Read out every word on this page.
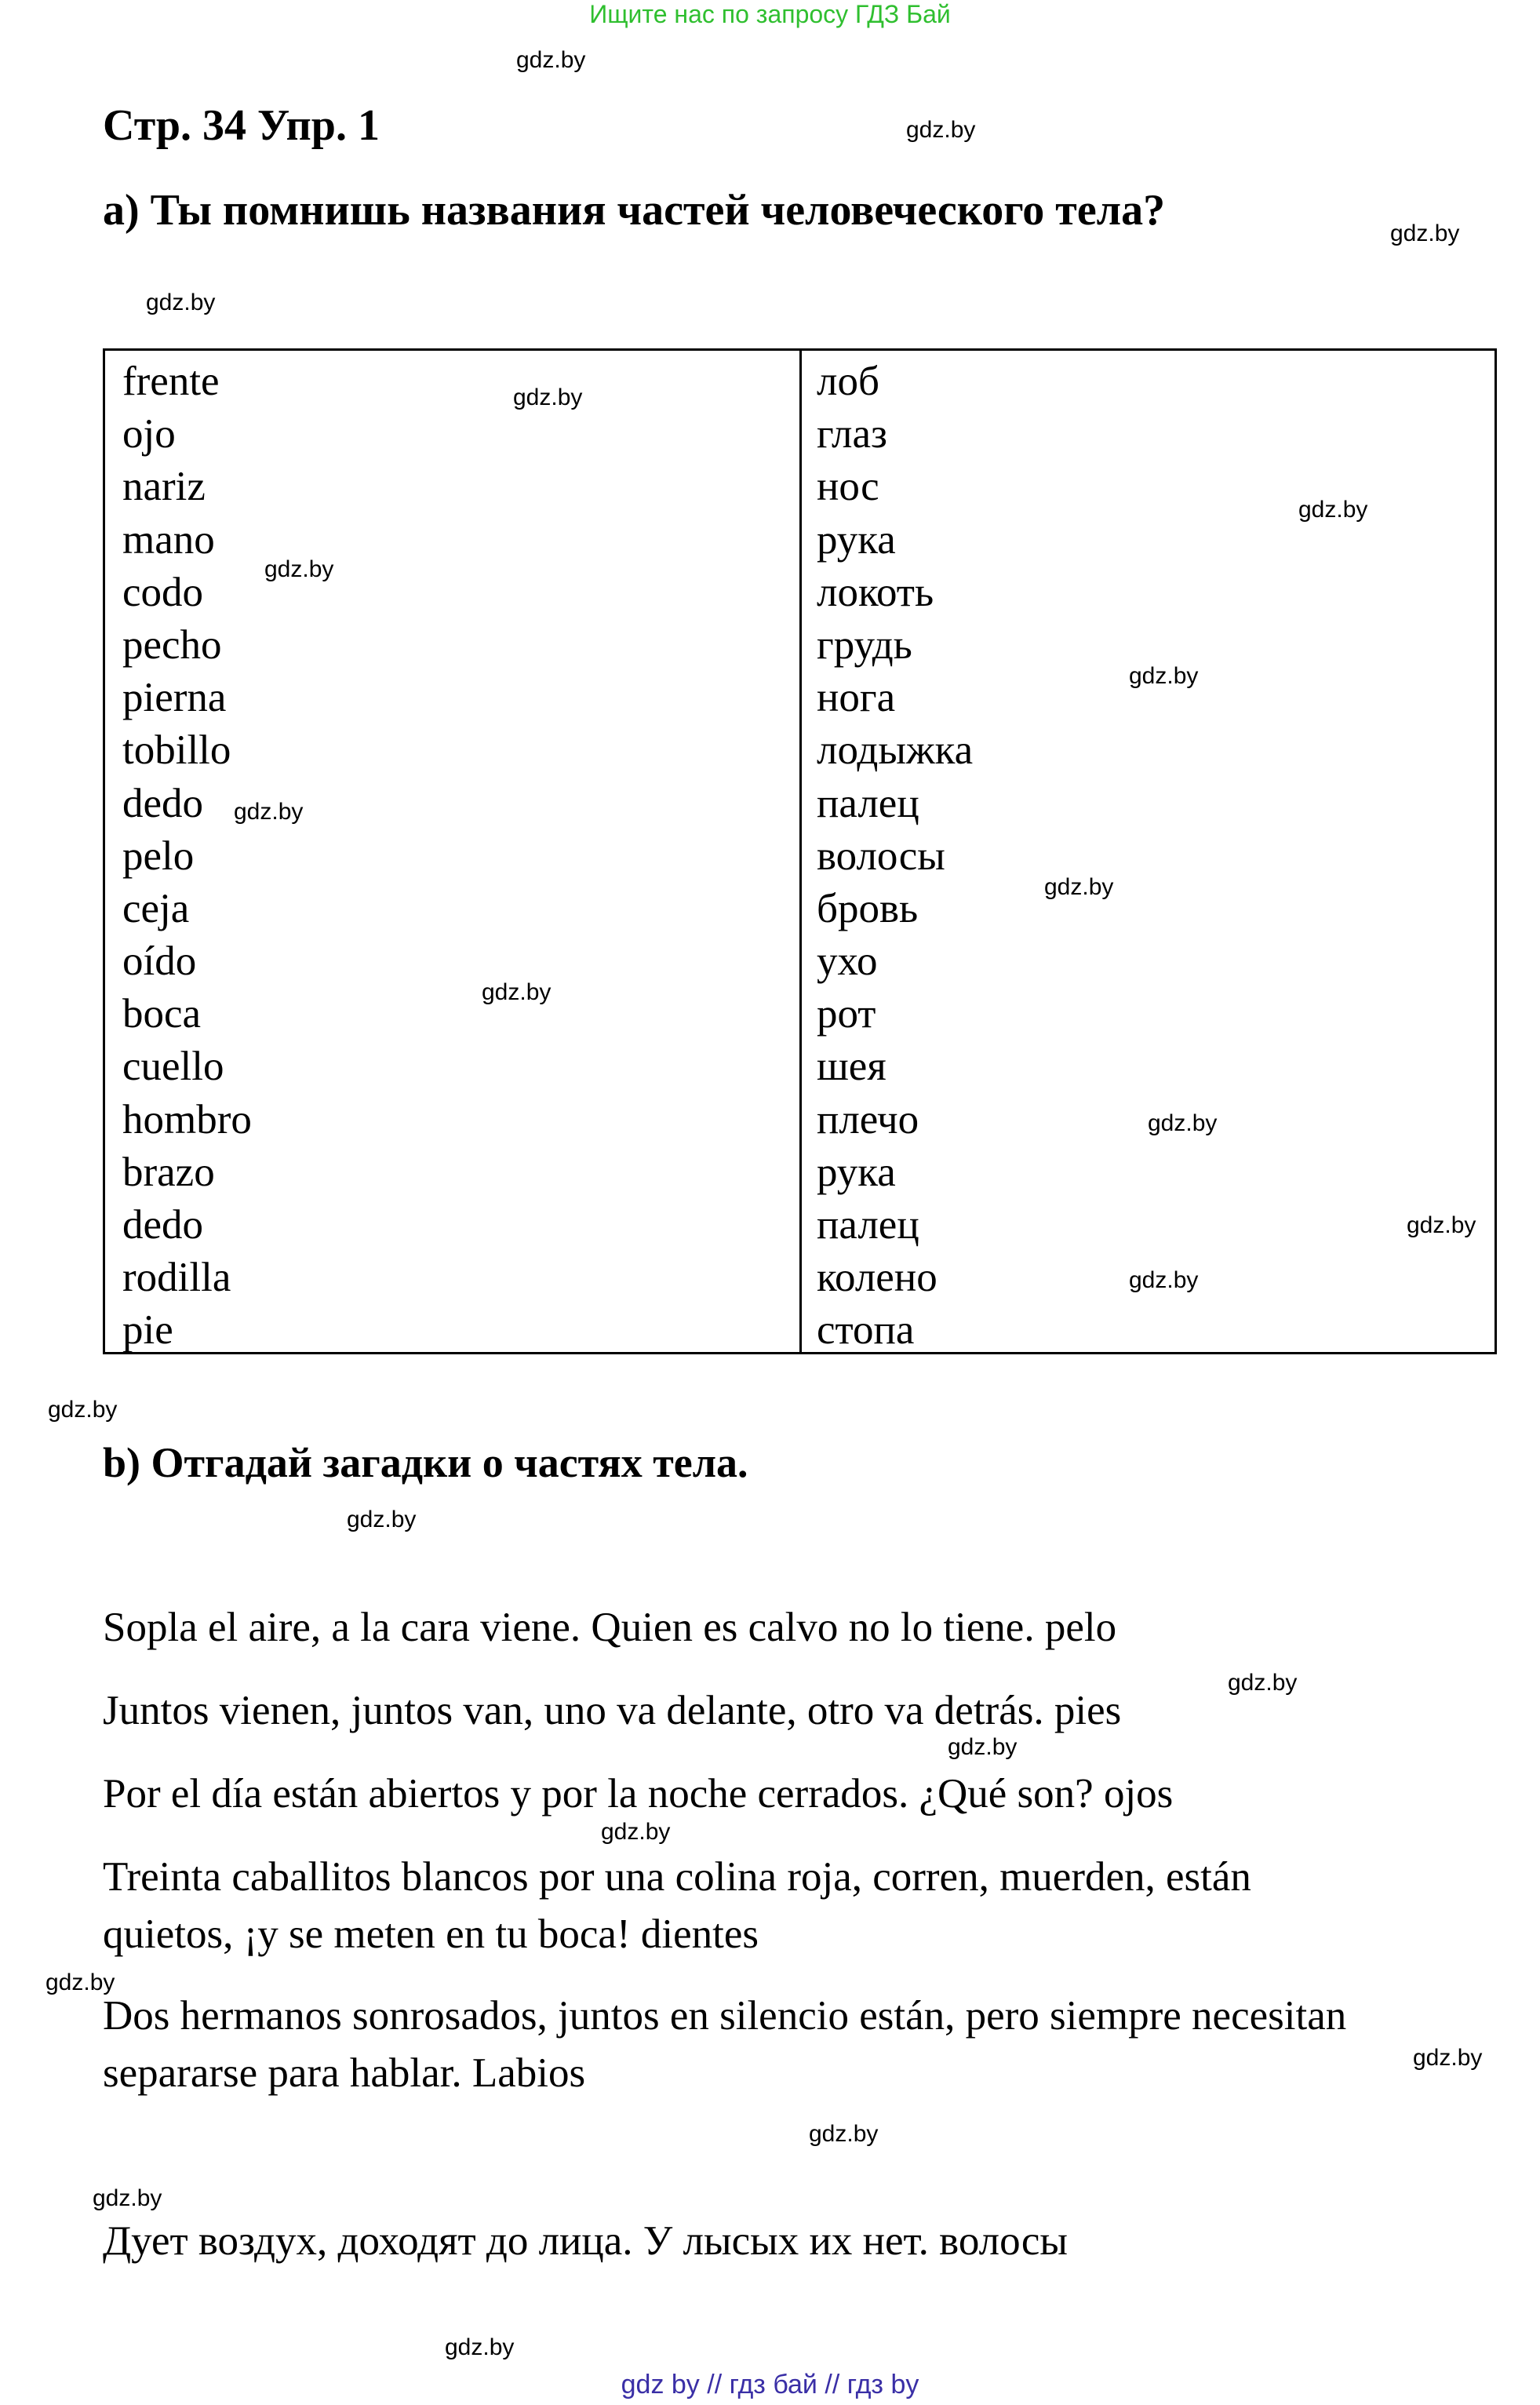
Ищите нас по запросу ГДЗ Бай
Стр. 34 Упр. 1
a) Ты помнишь названия частей человеческого тела?
frente
ojo
nariz
mano
codo
pecho
pierna
tobillo
dedo
pelo
ceja
oído
boca
cuello
hombro
brazo
dedo
rodilla
pie
лоб
глаз
нос
рука
локоть
грудь
нога
лодыжка
палец
волосы
бровь
ухо
рот
шея
плечо
рука
палец
колено
стопа
b) Отгадай загадки о частях тела.
Sopla el aire, a la cara viene. Quien es calvo no lo tiene. pelo
Juntos vienen, juntos van, uno va delante, otro va detrás. pies
Por el día están abiertos y por la noche cerrados. ¿Qué son? ojos
Treinta caballitos blancos por una colina roja, corren, muerden, están
quietos, ¡y se meten en tu boca! dientes
Dos hermanos sonrosados, juntos en silencio están, pero siempre necesitan
separarse para hablar. Labios
Дует воздух, доходят до лица. У лысых их нет. волосы
gdz.by
gdz.by
gdz.by
gdz.by
gdz.by
gdz.by
gdz.by
gdz.by
gdz.by
gdz.by
gdz.by
gdz.by
gdz.by
gdz.by
gdz.by
gdz.by
gdz.by
gdz.by
gdz.by
gdz.by
gdz.by
gdz.by
gdz.by
gdz.by
gdz by // гдз бай // гдз by
